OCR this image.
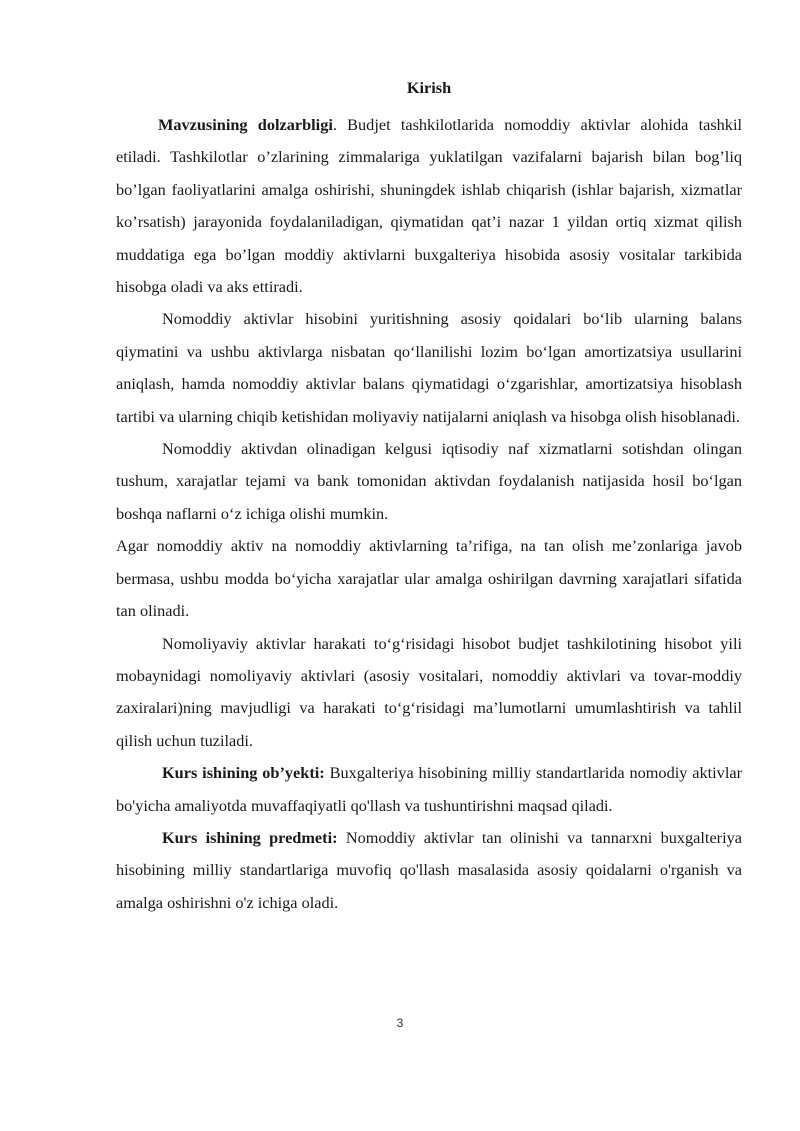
Kirish

Mavzusining dolzarbligi. Budjet tashkilotlarida nomoddiy aktivlar alohida tashkil etiladi. Tashkilotlar o’zlarining zimmalariga yuklatilgan vazifalarni bajarish bilan bog’liq bo’lgan faoliyatlarini amalga oshirishi, shuningdek ishlab chiqarish (ishlar bajarish, xizmatlar ko’rsatish) jarayonida foydalaniladigan, qiymatidan qat’i nazar 1 yildan ortiq xizmat qilish muddatiga ega bo’lgan moddiy aktivlarni buxgalteriya hisobida asosiy vositalar tarkibida hisobga oladi va aks ettiradi.

Nomoddiy aktivlar hisobini yuritishning asosiy qoidalari bo‘lib ularning balans qiymatini va ushbu aktivlarga nisbatan qo‘llanilishi lozim bo‘lgan amortizatsiya usullarini aniqlash, hamda nomoddiy aktivlar balans qiymatidagi o‘zgarishlar, amortizatsiya hisoblash tartibi va ularning chiqib ketishidan moliyaviy natijalarni aniqlash va hisobga olish hisoblanadi.

Nomoddiy aktivdan olinadigan kelgusi iqtisodiy naf xizmatlarni sotishdan olingan tushum, xarajatlar tejami va bank tomonidan aktivdan foydalanish natijasida hosil bo‘lgan boshqa naflarni o‘z ichiga olishi mumkin.

Agar nomoddiy aktiv na nomoddiy aktivlarning ta’rifiga, na tan olish me’zonlariga javob bermasa, ushbu modda bo‘yicha xarajatlar ular amalga oshirilgan davrning xarajatlari sifatida tan olinadi.

Nomoliyaviy aktivlar harakati to‘g‘risidagi hisobot budjet tashkilotining hisobot yili mobaynidagi nomoliyaviy aktivlari (asosiy vositalari, nomoddiy aktivlari va tovar-moddiy zaxiralari)ning mavjudligi va harakati to‘g‘risidagi ma’lumotlarni umumlashtirish va tahlil qilish uchun tuziladi.

Kurs ishining ob’yekti: Buxgalteriya hisobining milliy standartlarida nomodiy aktivlar bo'yicha amaliyotda muvaffaqiyatli qo'llash va tushuntirishni maqsad qiladi.

Kurs ishining predmeti: Nomoddiy aktivlar tan olinishi va tannarxni buxgalteriya hisobining milliy standartlariga muvofiq qo'llash masalasida asosiy qoidalarni o'rganish va amalga oshirishni o'z ichiga oladi.

3
